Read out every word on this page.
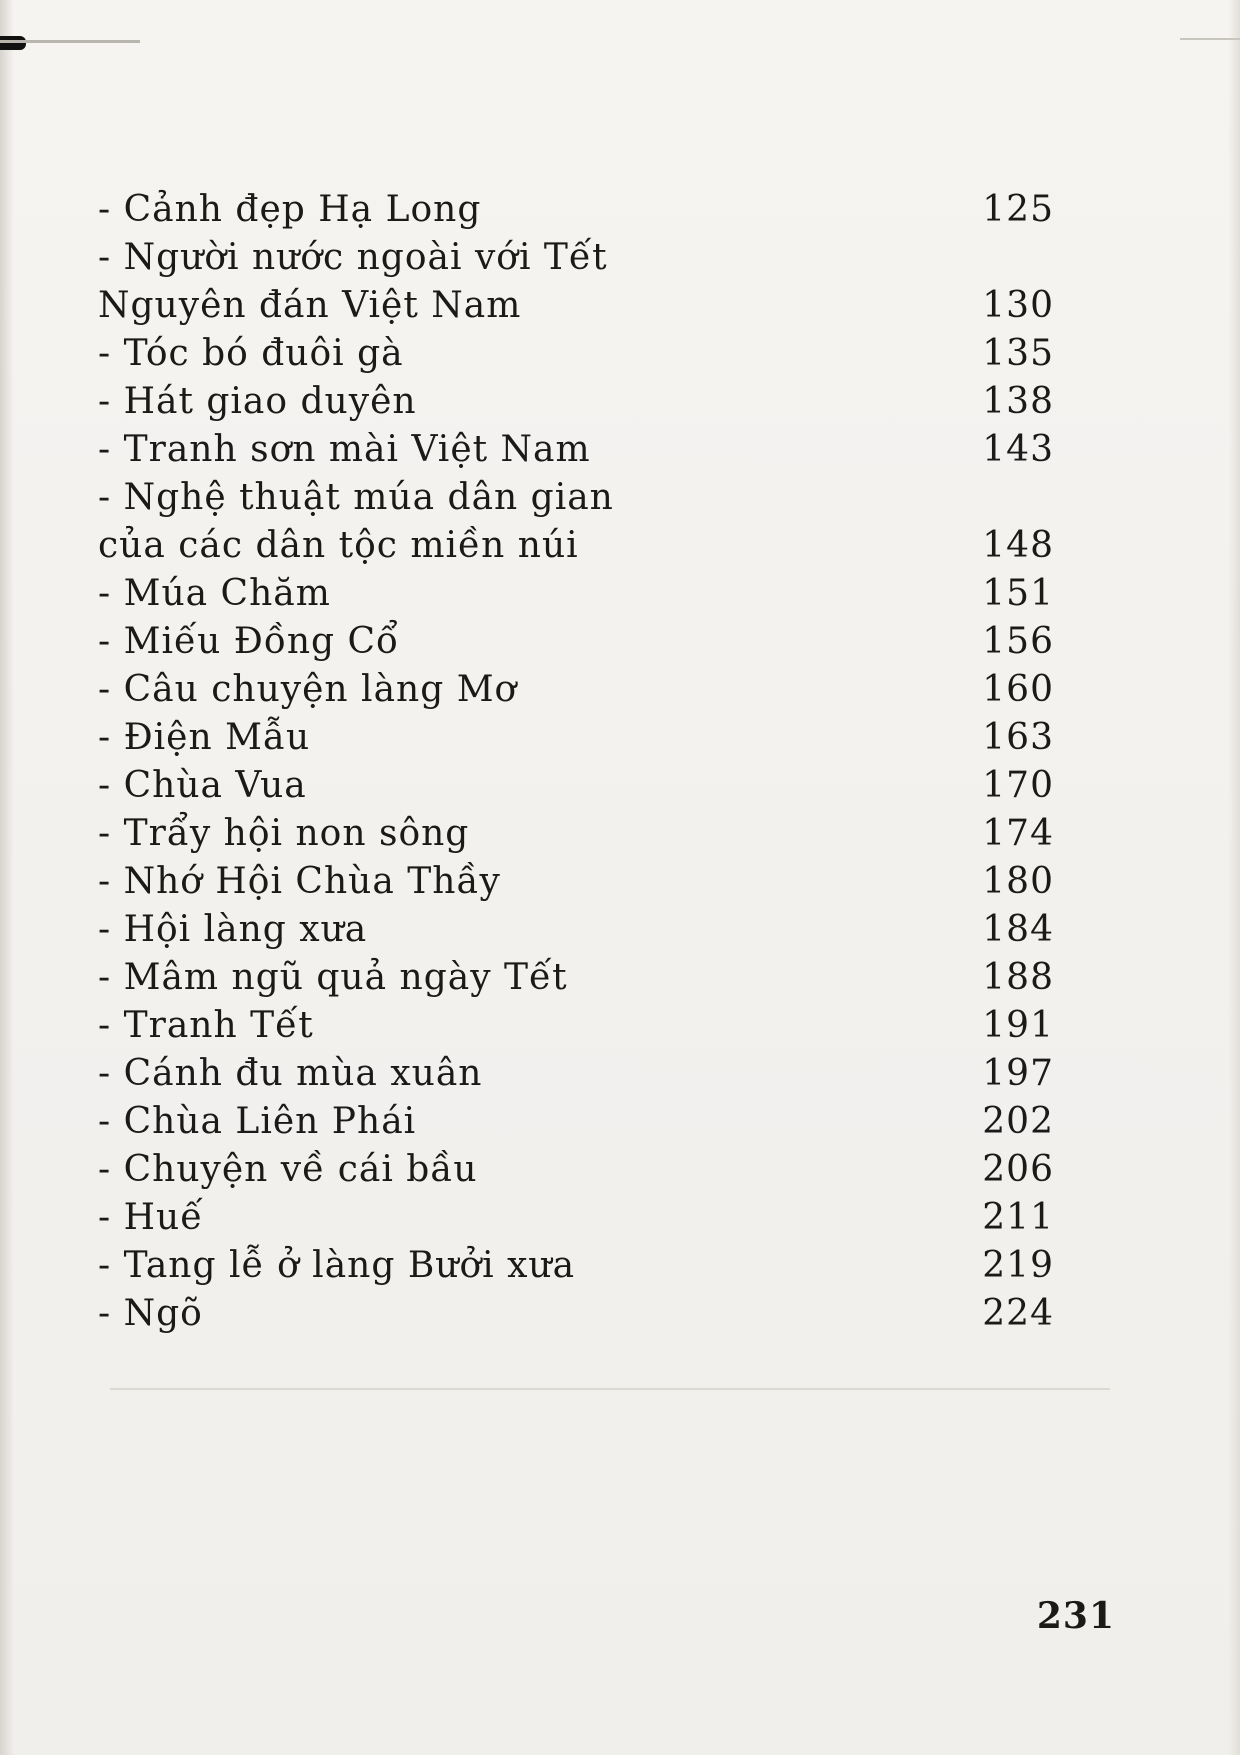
- Cảnh đẹp Hạ Long	125
- Người nước ngoài với Tết
Nguyên đán Việt Nam	130
- Tóc bó đuôi gà	135
- Hát giao duyên	138
- Tranh sơn mài Việt Nam	143
- Nghệ thuật múa dân gian
của các dân tộc miền núi	148
- Múa Chăm	151
- Miếu Đồng Cổ	156
- Câu chuyện làng Mơ	160
- Điện Mẫu	163
- Chùa Vua	170
- Trẩy hội non sông	174
- Nhớ Hội Chùa Thầy	180
- Hội làng xưa	184
- Mâm ngũ quả ngày Tết	188
- Tranh Tết	191
- Cánh đu mùa xuân	197
- Chùa Liên Phái	202
- Chuyện về cái bầu	206
- Huế	211
- Tang lễ ở làng Bưởi xưa	219
- Ngõ	224
231
